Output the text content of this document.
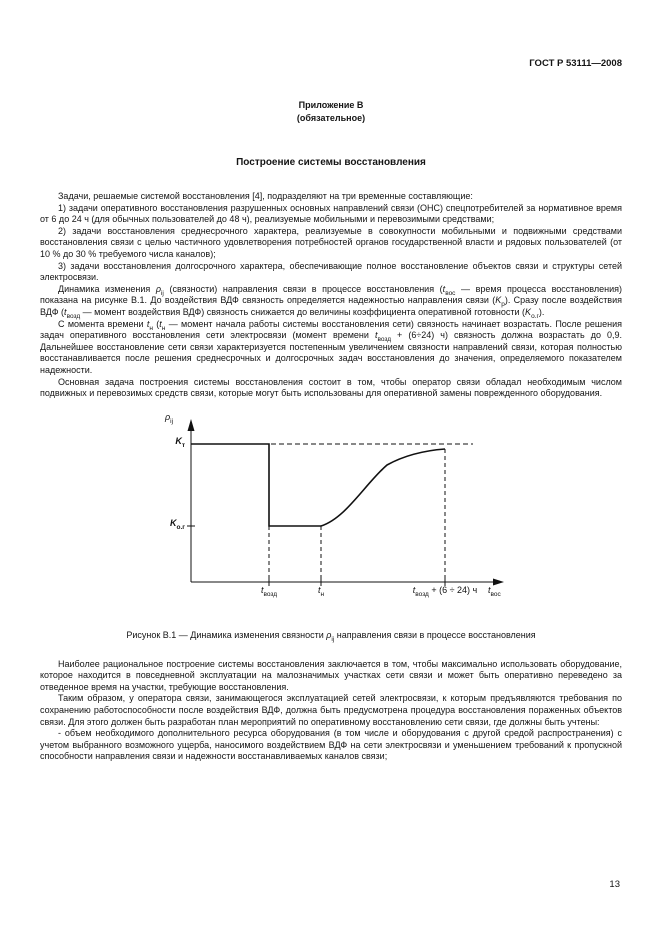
ГОСТ Р 53111—2008
Приложение В
(обязательное)
Построение системы восстановления

Задачи, решаемые системой восстановления [4], подразделяют на три временные составляющие:

1) задачи оперативного восстановления разрушенных основных направлений связи (ОНС) спецпотребителей за нормативное время от 6 до 24 ч (для обычных пользователей до 48 ч), реализуемые мобильными и перевозимыми средствами;

2) задачи восстановления среднесрочного характера, реализуемые в совокупности мобильными и подвижными средствами восстановления связи с целью частичного удовлетворения потребностей органов государственной власти и рядовых пользователей (от 10 % до 30 % требуемого числа каналов);

3) задачи восстановления долгосрочного характера, обеспечивающие полное восстановление объектов связи и структуры сетей электросвязи.

Динамика изменения $\rho_{ij}$ (связности) направления связи в процессе восстановления ($t_{вос}$ — время процесса восстановления) показана на рисунке В.1. До воздействия ВДФ связность определяется надежностью направления связи $(K_р)$. Сразу после воздействия ВДФ ($t_{возд}$ — момент воздействия ВДФ) связность снижается до величины коэффициента оперативной готовности $(K_{о.г})$.

С момента времени $t_н$ ($t_н$ — момент начала работы системы восстановления сети) связность начинает возрастать. После решения задач оперативного восстановления сети электросвязи (момент времени $t_{возд} + (6\div 24)$ ч) связность должна возрастать до 0,9. Дальнейшее восстановление сети связи характеризуется постепенным увеличением связности направлений связи, которая полностью восстанавливается после решения среднесрочных и долгосрочных задач восстановления до значения, определяемого показателем надежности.

Основная задача построения системы восстановления состоит в том, чтобы оператор связи обладал необходимым числом подвижных и перевозимых средств связи, которые могут быть использованы для оперативной замены поврежденного оборудования.

$\rho_{ij}$
$K_т$
$K_{о.г}$
$t_{возд}$	$t_н$	$t_{возд} + (6 \div 24)$ ч	$t_{вос}$
Рисунок В.1 — Динамика изменения связности $\rho_{ij}$ направления связи в процессе восстановления

Наиболее рациональное построение системы восстановления заключается в том, чтобы максимально использовать оборудование, которое находится в повседневной эксплуатации на малозначимых участках сети связи и может быть оперативно переведено за отведенное время на участки, требующие восстановления.

Таким образом, у оператора связи, занимающегося эксплуатацией сетей электросвязи, к которым предъявляются требования по сохранению работоспособности после воздействия ВДФ, должна быть предусмотрена процедура восстановления пораженных объектов связи. Для этого должен быть разработан план мероприятий по оперативному восстановлению сети связи, где должны быть учтены:

- объем необходимого дополнительного ресурса оборудования (в том числе и оборудования с другой средой распространения) с учетом выбранного возможного ущерба, наносимого воздействием ВДФ на сети электросвязи и уменьшением требований к пропускной способности направления связи и надежности восстанавливаемых каналов связи;

13
